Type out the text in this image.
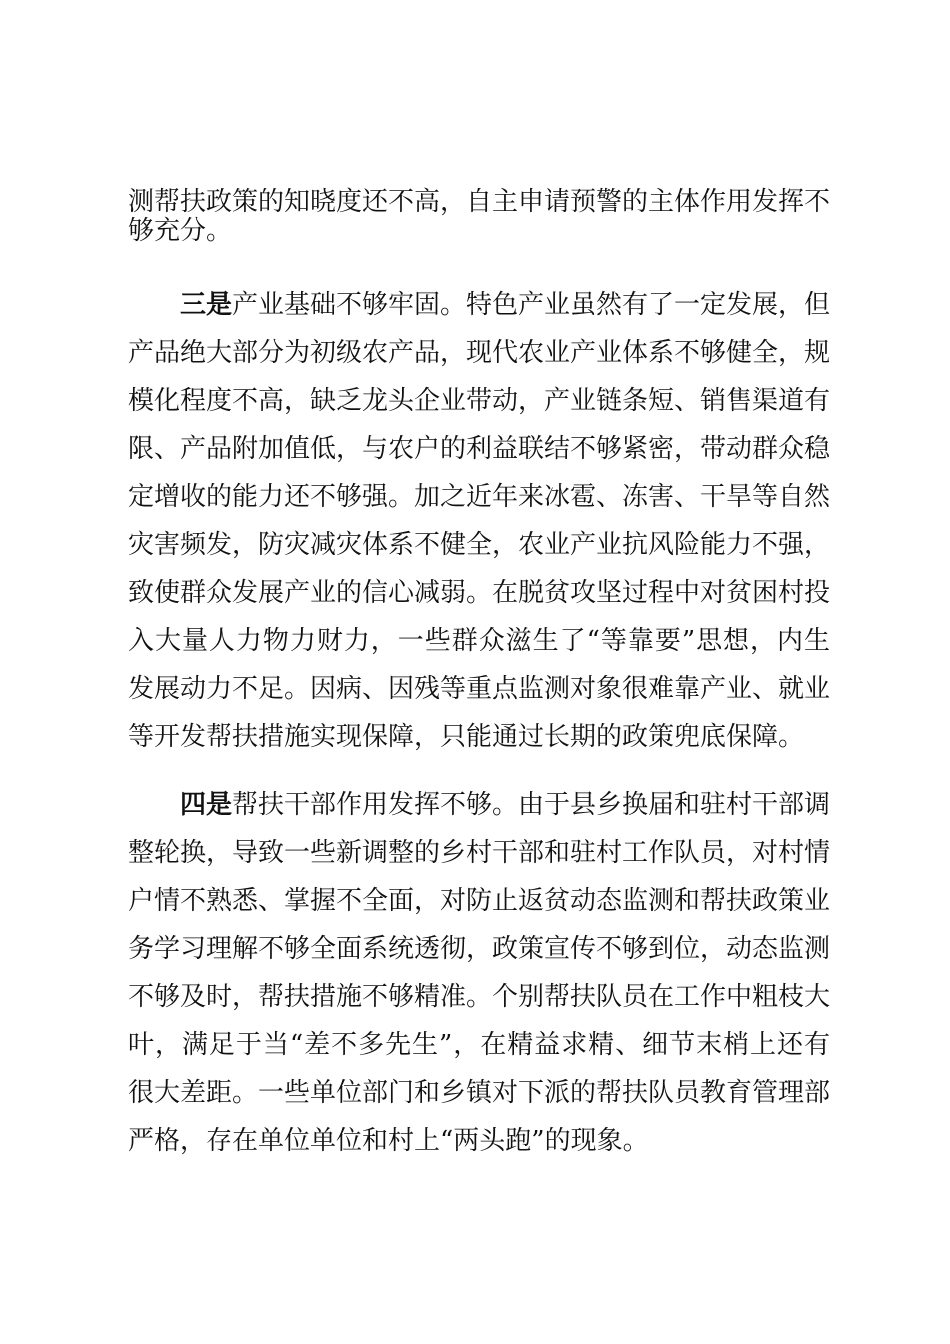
测帮扶政策的知晓度还不高，自主申请预警的主体作用发挥不
够充分。
三是产业基础不够牢固。特色产业虽然有了一定发展，但
产品绝大部分为初级农产品，现代农业产业体系不够健全，规
模化程度不高，缺乏龙头企业带动，产业链条短、销售渠道有
限、产品附加值低，与农户的利益联结不够紧密，带动群众稳
定增收的能力还不够强。加之近年来冰雹、冻害、干旱等自然
灾害频发，防灾减灾体系不健全，农业产业抗风险能力不强，
致使群众发展产业的信心减弱。在脱贫攻坚过程中对贫困村投
入大量人力物力财力，一些群众滋生了“等靠要”思想，内生
发展动力不足。因病、因残等重点监测对象很难靠产业、就业
等开发帮扶措施实现保障，只能通过长期的政策兜底保障。
四是帮扶干部作用发挥不够。由于县乡换届和驻村干部调
整轮换，导致一些新调整的乡村干部和驻村工作队员，对村情
户情不熟悉、掌握不全面，对防止返贫动态监测和帮扶政策业
务学习理解不够全面系统透彻，政策宣传不够到位，动态监测
不够及时，帮扶措施不够精准。个别帮扶队员在工作中粗枝大
叶，满足于当“差不多先生”，在精益求精、细节末梢上还有
很大差距。一些单位部门和乡镇对下派的帮扶队员教育管理部
严格，存在单位单位和村上“两头跑”的现象。
